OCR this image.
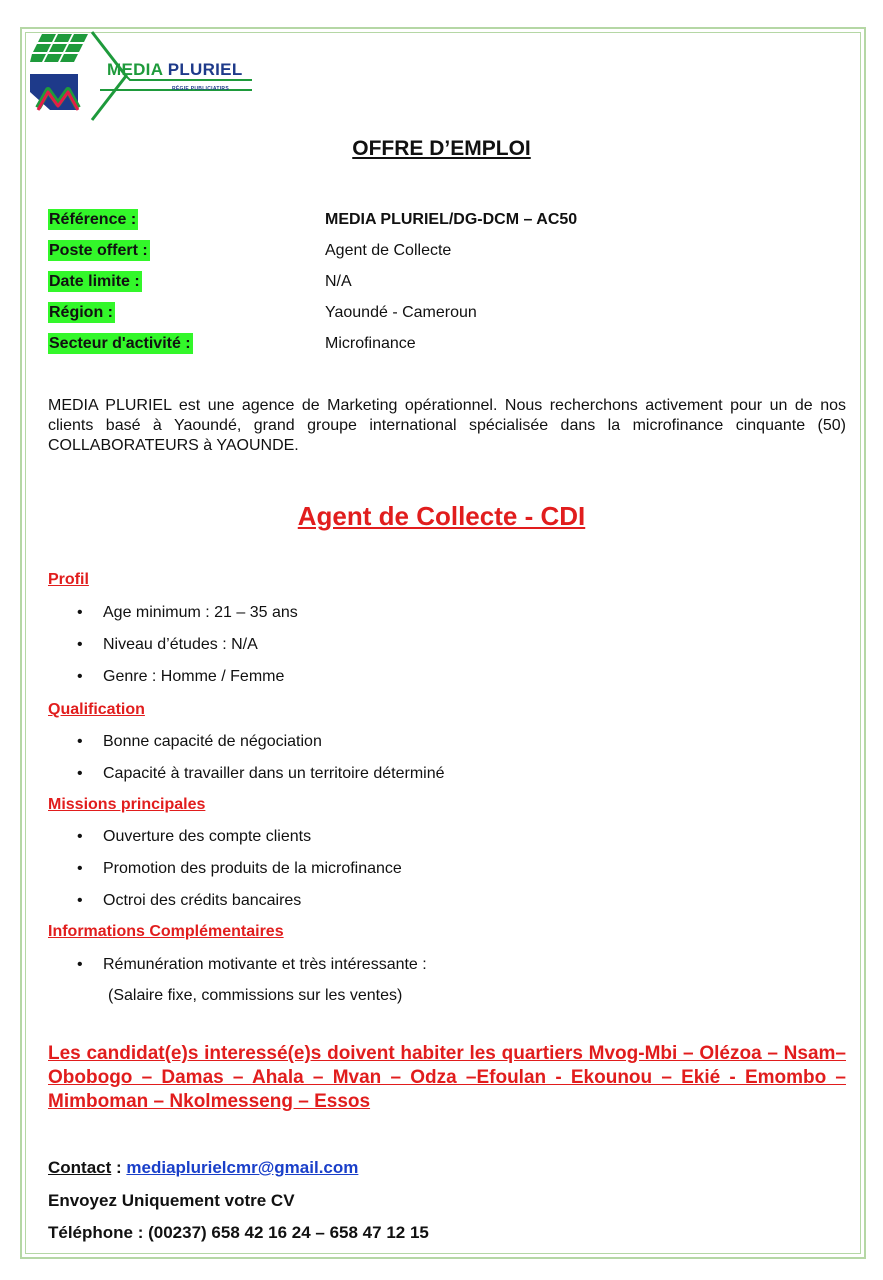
MEDIA PLURIEL
RÉGIE PUBLICIATIRS
OFFRE D’EMPLOI
Référence :	MEDIA PLURIEL/DG-DCM – AC50
Poste offert :	Agent de Collecte
Date limite :	N/A
Région :	Yaoundé - Cameroun
Secteur d'activité :	Microfinance
MEDIA PLURIEL est une agence de Marketing opérationnel. Nous recherchons activement pour un de nos clients basé à Yaoundé, grand groupe international spécialisée dans la microfinance cinquante (50) COLLABORATEURS à YAOUNDE.
Agent de Collecte - CDI
Profil
• Age minimum : 21 – 35 ans
• Niveau d’études : N/A
• Genre : Homme / Femme
Qualification
• Bonne capacité de négociation
• Capacité à travailler dans un territoire déterminé
Missions principales
• Ouverture des compte clients
• Promotion des produits de la microfinance
• Octroi des crédits bancaires
Informations Complémentaires
• Rémunération motivante et très intéressante :
(Salaire fixe, commissions sur les ventes)
Les candidat(e)s interessé(e)s doivent habiter les quartiers Mvog-Mbi – Olézoa – Nsam– Obobogo – Damas – Ahala – Mvan – Odza –Efoulan - Ekounou – Ekié - Emombo – Mimboman – Nkolmesseng – Essos
Contact : mediaplurielcmr@gmail.com
Envoyez Uniquement votre CV
Téléphone : (00237) 658 42 16 24 – 658 47 12 15
